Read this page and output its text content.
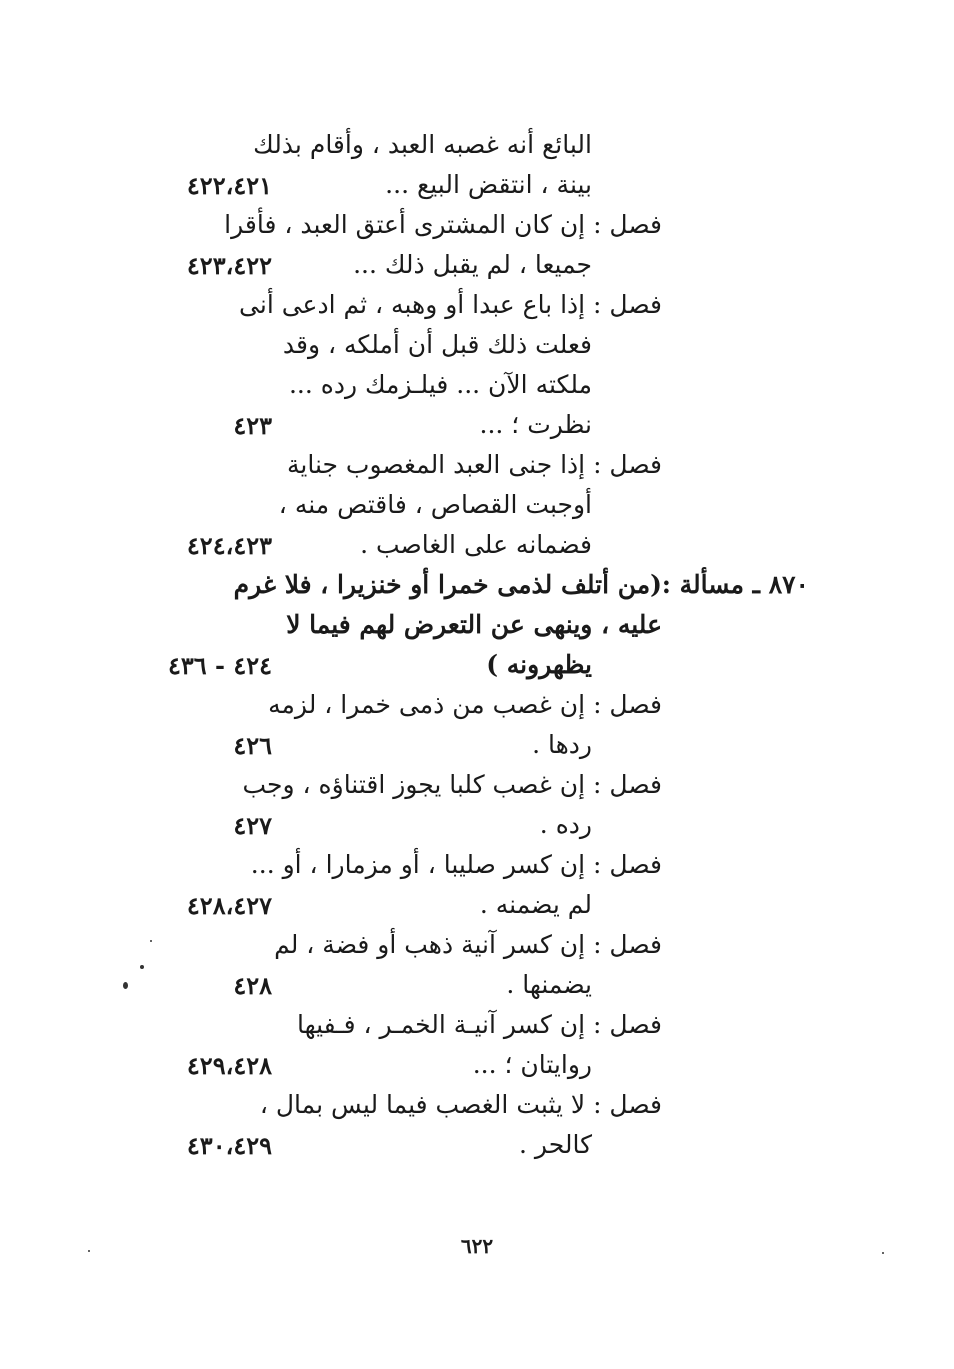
البائع أنه غصبه العبد ، وأقام بذلك
بينة ، انتقض البيع ...
٤٢٢،٤٢١
فصل : إن كان المشترى أعتق العبد ، فأقرا
جميعا ، لم يقبل ذلك ...
٤٢٣،٤٢٢
فصل : إذا باع عبدا أو وهبه ، ثم ادعى أنى
فعلت ذلك قبل أن أملكه ، وقد
ملكته الآن ... فيلـزمك رده ...
نظرت ؛ ...
٤٢٣
فصل : إذا جنى العبد المغصوب جناية
أوجبت القصاص ، فاقتص منه ،
فضمانه على الغاصب .
٤٢٤،٤٢٣
٨٧٠ ـ مسألة :
(من أتلف لذمى خمرا أو خنزيرا ، فلا غرم
عليه ، وينهى عن التعرض لهم فيما لا
يظهرونه )
٤٢٤ - ٤٣٦
فصل : إن غصب من ذمى خمرا ، لزمه
ردها .
٤٢٦
فصل : إن غصب كلبا يجوز اقتناؤه ، وجب
رده .
٤٢٧
فصل : إن كسر صليبا ، أو مزمارا ، أو ...
لم يضمنه .
٤٢٨،٤٢٧
فصل : إن كسر آنية ذهب أو فضة ، لم
يضمنها .
٤٢٨
فصل : إن كسر آنيـة الخمـر ، فـفيها
روايتان ؛ ...
٤٢٩،٤٢٨
فصل : لا يثبت الغصب فيما ليس بمال ،
كالحر .
٤٣٠،٤٢٩
٦٢٢
